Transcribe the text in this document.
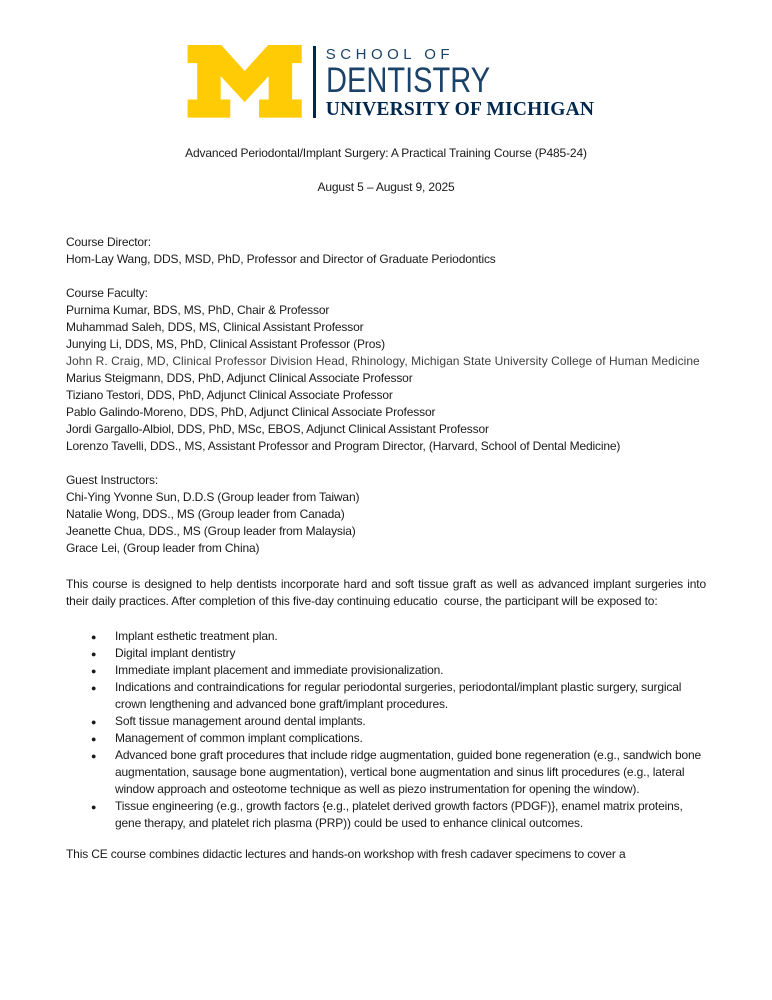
SCHOOL OF
DENTISTRY
UNIVERSITY OF MICHIGAN
Advanced Periodontal/Implant Surgery: A Practical Training Course (P485-24)
August 5 – August 9, 2025
Course Director:
Hom-Lay Wang, DDS, MSD, PhD, Professor and Director of Graduate Periodontics
Course Faculty:
Purnima Kumar, BDS, MS, PhD, Chair & Professor
Muhammad Saleh, DDS, MS, Clinical Assistant Professor
Junying Li, DDS, MS, PhD, Clinical Assistant Professor (Pros)
John R. Craig, MD, Clinical Professor Division Head, Rhinology, Michigan State University College of Human Medicine
Marius Steigmann, DDS, PhD, Adjunct Clinical Associate Professor
Tiziano Testori, DDS, PhD, Adjunct Clinical Associate Professor
Pablo Galindo-Moreno, DDS, PhD, Adjunct Clinical Associate Professor
Jordi Gargallo-Albiol, DDS, PhD, MSc, EBOS, Adjunct Clinical Assistant Professor
Lorenzo Tavelli, DDS., MS, Assistant Professor and Program Director, (Harvard, School of Dental Medicine)
Guest Instructors:
Chi-Ying Yvonne Sun, D.D.S (Group leader from Taiwan)
Natalie Wong, DDS., MS (Group leader from Canada)
Jeanette Chua, DDS., MS (Group leader from Malaysia)
Grace Lei, (Group leader from China)
This course is designed to help dentists incorporate hard and soft tissue graft as well as advanced implant surgeries into their daily practices. After completion of this five-day continuing educatio  course, the participant will be exposed to:
● Implant esthetic treatment plan.
● Digital implant dentistry
● Immediate implant placement and immediate provisionalization.
● Indications and contraindications for regular periodontal surgeries, periodontal/implant plastic surgery, surgical crown lengthening and advanced bone graft/implant procedures.
● Soft tissue management around dental implants.
● Management of common implant complications.
● Advanced bone graft procedures that include ridge augmentation, guided bone regeneration (e.g., sandwich bone augmentation, sausage bone augmentation), vertical bone augmentation and sinus lift procedures (e.g., lateral window approach and osteotome technique as well as piezo instrumentation for opening the window).
● Tissue engineering (e.g., growth factors {e.g., platelet derived growth factors (PDGF)}, enamel matrix proteins, gene therapy, and platelet rich plasma (PRP)) could be used to enhance clinical outcomes.
This CE course combines didactic lectures and hands-on workshop with fresh cadaver specimens to cover a
